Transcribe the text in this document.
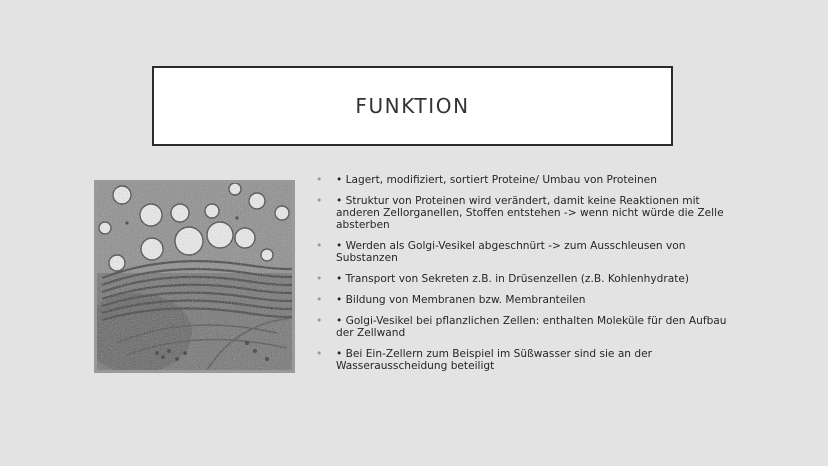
FUNKTION
•	• Lagert, modifiziert, sortiert Proteine/ Umbau von Proteinen
•	• Struktur von Proteinen wird verändert, damit keine Reaktionen mit anderen Zellorganellen, Stoffen entstehen -> wenn nicht würde die Zelle absterben
•	• Werden als Golgi-Vesikel abgeschnürt -> zum Ausschleusen von Substanzen
•	• Transport von Sekreten z.B. in Drüsenzellen (z.B. Kohlenhydrate)
•	• Bildung von Membranen bzw. Membranteilen
•	• Golgi-Vesikel bei pflanzlichen Zellen: enthalten Moleküle für den Aufbau der Zellwand
•	• Bei Ein-Zellern zum Beispiel im Süßwasser sind sie an der Wasserausscheidung beteiligt
